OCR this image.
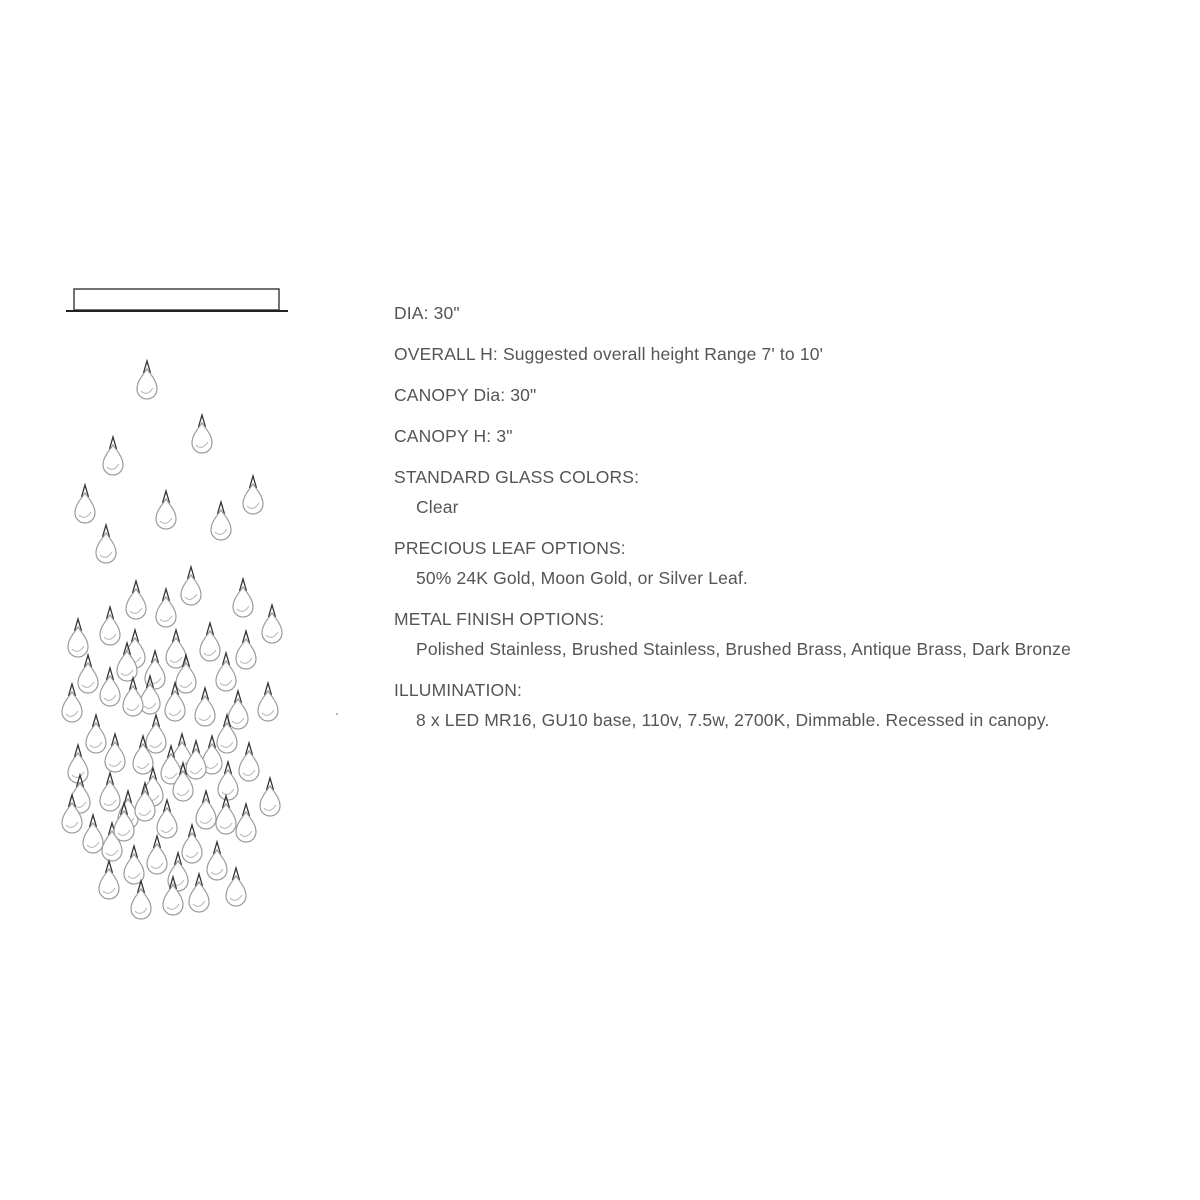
DIA: 30"
OVERALL H: Suggested overall height Range 7' to 10'
CANOPY Dia: 30"
CANOPY H: 3"
STANDARD GLASS COLORS:
Clear
PRECIOUS LEAF OPTIONS:
50% 24K Gold, Moon Gold, or Silver Leaf.
METAL FINISH OPTIONS:
Polished Stainless, Brushed Stainless, Brushed Brass, Antique Brass, Dark Bronze
ILLUMINATION:
8 x LED MR16, GU10 base, 110v, 7.5w, 2700K, Dimmable. Recessed in canopy.
